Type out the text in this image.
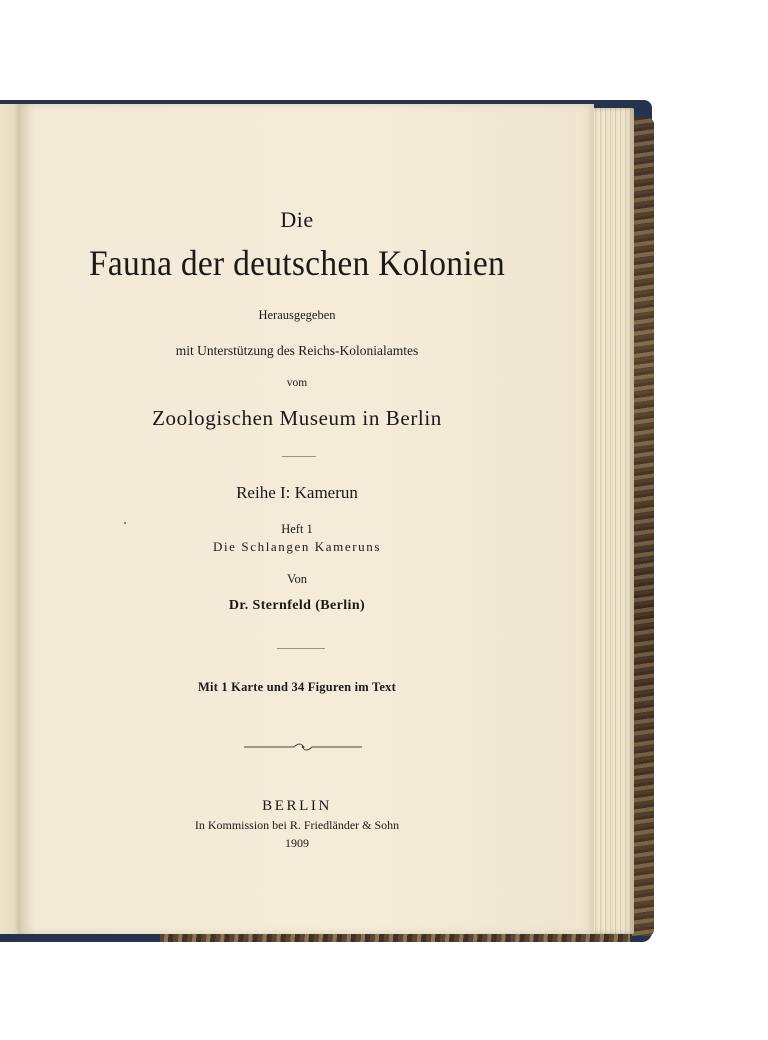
Die
Fauna der deutschen Kolonien
Herausgegeben
mit Unterstützung des Reichs-Kolonialamtes
vom
Zoologischen Museum in Berlin
Reihe I: Kamerun
Heft 1
Die Schlangen Kameruns
Von
Dr. Sternfeld (Berlin)
Mit 1 Karte und 34 Figuren im Text
BERLIN
In Kommission bei R. Friedländer & Sohn
1909
